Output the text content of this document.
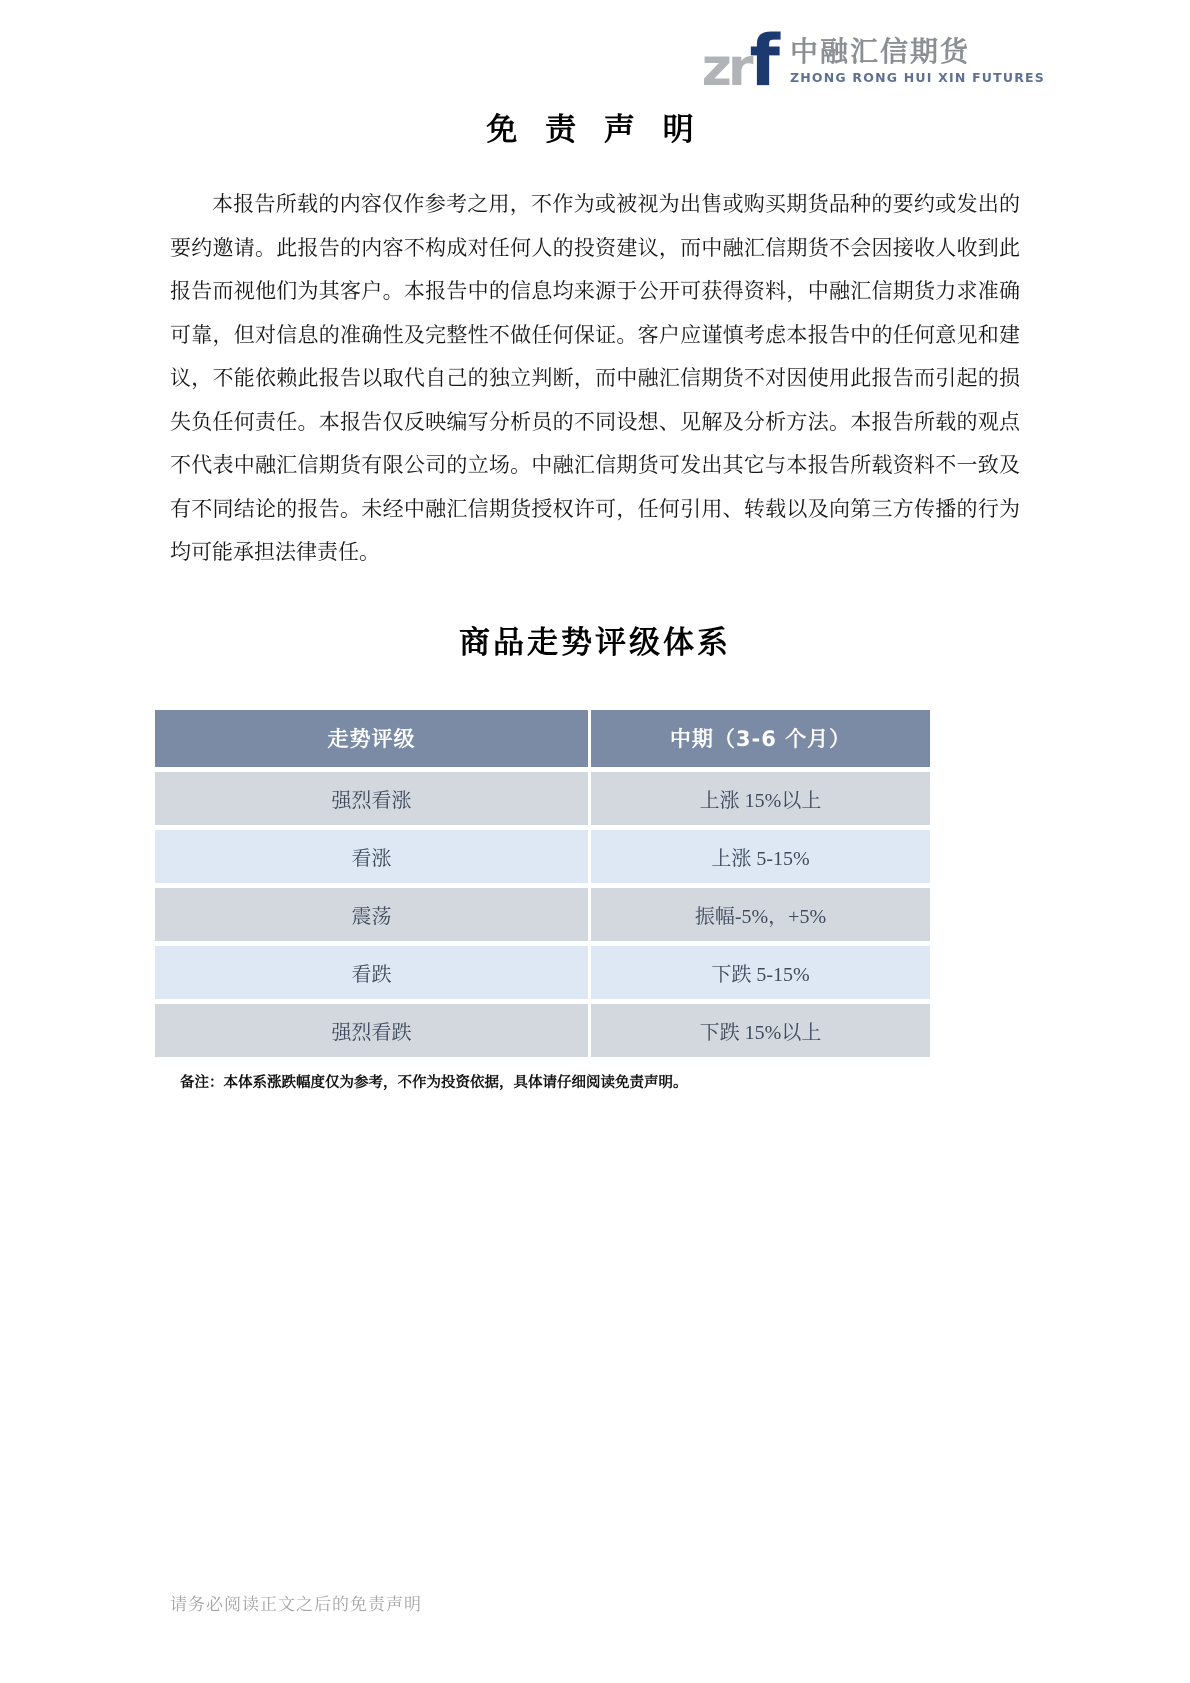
zrf 中融汇信期货
ZHONG RONG HUI XIN FUTURES
免 责 声 明

本报告所载的内容仅作参考之用，不作为或被视为出售或购买期货品种的要约或发出的要约邀请。此报告的内容不构成对任何人的投资建议，而中融汇信期货不会因接收人收到此报告而视他们为其客户。本报告中的信息均来源于公开可获得资料，中融汇信期货力求准确可靠，但对信息的准确性及完整性不做任何保证。客户应谨慎考虑本报告中的任何意见和建议，不能依赖此报告以取代自己的独立判断，而中融汇信期货不对因使用此报告而引起的损失负任何责任。本报告仅反映编写分析员的不同设想、见解及分析方法。本报告所载的观点不代表中融汇信期货有限公司的立场。中融汇信期货可发出其它与本报告所载资料不一致及有不同结论的报告。未经中融汇信期货授权许可，任何引用、转载以及向第三方传播的行为均可能承担法律责任。

商品走势评级体系
走势评级	中期（3-6 个月）
强烈看涨	上涨 15%以上
看涨	上涨 5-15%
震荡	振幅-5%，+5%
看跌	下跌 5-15%
强烈看跌	下跌 15%以上
备注：本体系涨跌幅度仅为参考，不作为投资依据，具体请仔细阅读免责声明。
请务必阅读正文之后的免责声明
